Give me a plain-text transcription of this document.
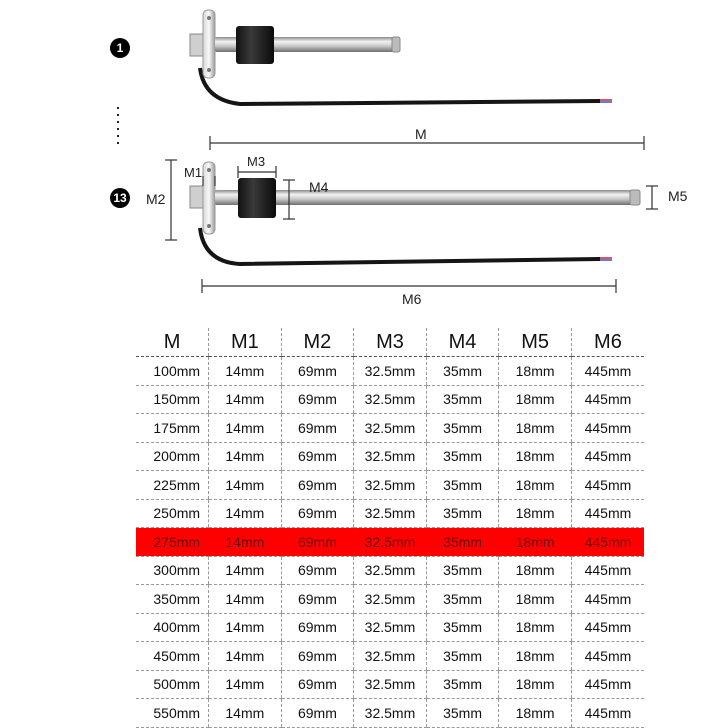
1
13
M
M1
M2
M3
M4
M5
M6
M	M1	M2	M3	M4	M5	M6
100mm	14mm	69mm	32.5mm	35mm	18mm	445mm
150mm	14mm	69mm	32.5mm	35mm	18mm	445mm
175mm	14mm	69mm	32.5mm	35mm	18mm	445mm
200mm	14mm	69mm	32.5mm	35mm	18mm	445mm
225mm	14mm	69mm	32.5mm	35mm	18mm	445mm
250mm	14mm	69mm	32.5mm	35mm	18mm	445mm
275mm	14mm	69mm	32.5mm	35mm	18mm	445mm
300mm	14mm	69mm	32.5mm	35mm	18mm	445mm
350mm	14mm	69mm	32.5mm	35mm	18mm	445mm
400mm	14mm	69mm	32.5mm	35mm	18mm	445mm
450mm	14mm	69mm	32.5mm	35mm	18mm	445mm
500mm	14mm	69mm	32.5mm	35mm	18mm	445mm
550mm	14mm	69mm	32.5mm	35mm	18mm	445mm
